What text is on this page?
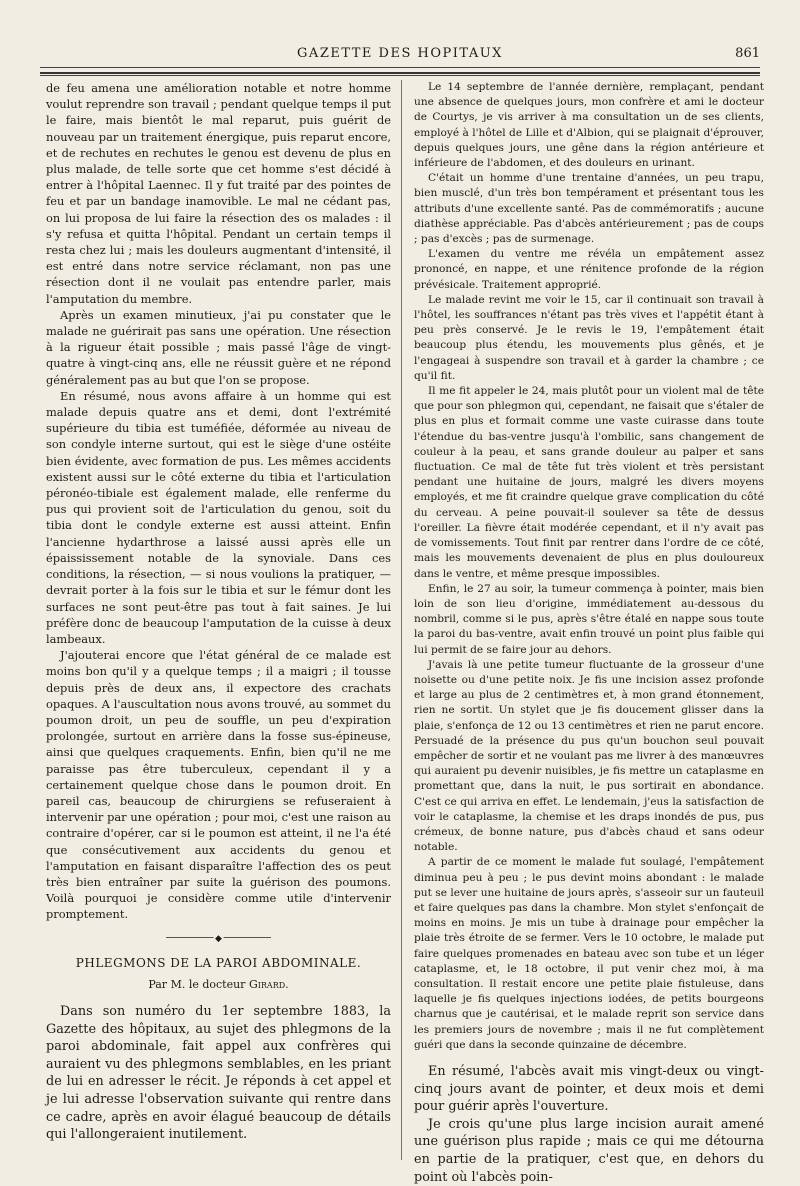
GAZETTE DES HOPITAUX	861

de feu amena une amélioration notable et notre homme voulut reprendre son travail ; pendant quelque temps il put le faire, mais bientôt le mal reparut, puis guérit de nouveau par un traitement énergique, puis reparut encore, et de rechutes en rechutes le genou est devenu de plus en plus malade, de telle sorte que cet homme s'est décidé à entrer à l'hôpital Laennec. Il y fut traité par des pointes de feu et par un bandage inamovible. Le mal ne cédant pas, on lui proposa de lui faire la résection des os malades : il s'y refusa et quitta l'hôpital. Pendant un certain temps il resta chez lui ; mais les douleurs augmentant d'intensité, il est entré dans notre service réclamant, non pas une résection dont il ne voulait pas entendre parler, mais l'amputation du membre.

Après un examen minutieux, j'ai pu constater que le malade ne guérirait pas sans une opération. Une résection à la rigueur était possible ; mais passé l'âge de vingt-quatre à vingt-cinq ans, elle ne réussit guère et ne répond généralement pas au but que l'on se propose.

En résumé, nous avons affaire à un homme qui est malade depuis quatre ans et demi, dont l'extrémité supérieure du tibia est tuméfiée, déformée au niveau de son condyle interne surtout, qui est le siège d'une ostéite bien évidente, avec formation de pus. Les mêmes accidents existent aussi sur le côté externe du tibia et l'articulation péronéo-tibiale est également malade, elle renferme du pus qui provient soit de l'articulation du genou, soit du tibia dont le condyle externe est aussi atteint. Enfin l'ancienne hydarthrose a laissé aussi après elle un épaississement notable de la synoviale. Dans ces conditions, la résection, — si nous voulions la pratiquer, — devrait porter à la fois sur le tibia et sur le fémur dont les surfaces ne sont peut-être pas tout à fait saines. Je lui préfère donc de beaucoup l'amputation de la cuisse à deux lambeaux.

J'ajouterai encore que l'état général de ce malade est moins bon qu'il y a quelque temps ; il a maigri ; il tousse depuis près de deux ans, il expectore des crachats opaques. A l'auscultation nous avons trouvé, au sommet du poumon droit, un peu de souffle, un peu d'expiration prolongée, surtout en arrière dans la fosse sus-épineuse, ainsi que quelques craquements. Enfin, bien qu'il ne me paraisse pas être tuberculeux, cependant il y a certainement quelque chose dans le poumon droit. En pareil cas, beaucoup de chirurgiens se refuseraient à intervenir par une opération ; pour moi, c'est une raison au contraire d'opérer, car si le poumon est atteint, il ne l'a été que consécutivement aux accidents du genou et l'amputation en faisant disparaître l'affection des os peut très bien entraîner par suite la guérison des poumons. Voilà pourquoi je considère comme utile d'intervenir promptement.

◆
PHLEGMONS DE LA PAROI ABDOMINALE.
Par M. le docteur Girard.

Dans son numéro du 1er septembre 1883, la Gazette des hôpitaux, au sujet des phlegmons de la paroi abdominale, fait appel aux confrères qui auraient vu des phlegmons semblables, en les priant de lui en adresser le récit. Je réponds à cet appel et je lui adresse l'observation suivante qui rentre dans ce cadre, après en avoir élagué beaucoup de détails qui l'allongeraient inutilement.

Le 14 septembre de l'année dernière, remplaçant, pendant une absence de quelques jours, mon confrère et ami le docteur de Courtys, je vis arriver à ma consultation un de ses clients, employé à l'hôtel de Lille et d'Albion, qui se plaignait d'éprouver, depuis quelques jours, une gêne dans la région antérieure et inférieure de l'abdomen, et des douleurs en urinant.

C'était un homme d'une trentaine d'années, un peu trapu, bien musclé, d'un très bon tempérament et présentant tous les attributs d'une excellente santé. Pas de commémoratifs ; aucune diathèse appréciable. Pas d'abcès antérieurement ; pas de coups ; pas d'excès ; pas de surmenage.

L'examen du ventre me révéla un empâtement assez prononcé, en nappe, et une rénitence profonde de la région prévésicale. Traitement approprié.

Le malade revint me voir le 15, car il continuait son travail à l'hôtel, les souffrances n'étant pas très vives et l'appétit étant à peu près conservé. Je le revis le 19, l'empâtement était beaucoup plus étendu, les mouvements plus gênés, et je l'engageai à suspendre son travail et à garder la chambre ; ce qu'il fit.

Il me fit appeler le 24, mais plutôt pour un violent mal de tête que pour son phlegmon qui, cependant, ne faisait que s'étaler de plus en plus et formait comme une vaste cuirasse dans toute l'étendue du bas-ventre jusqu'à l'ombilic, sans changement de couleur à la peau, et sans grande douleur au palper et sans fluctuation. Ce mal de tête fut très violent et très persistant pendant une huitaine de jours, malgré les divers moyens employés, et me fit craindre quelque grave complication du côté du cerveau. A peine pouvait-il soulever sa tête de dessus l'oreiller. La fièvre était modérée cependant, et il n'y avait pas de vomissements. Tout finit par rentrer dans l'ordre de ce côté, mais les mouvements devenaient de plus en plus douloureux dans le ventre, et même presque impossibles.

Enfin, le 27 au soir, la tumeur commença à pointer, mais bien loin de son lieu d'origine, immédiatement au-dessous du nombril, comme si le pus, après s'être étalé en nappe sous toute la paroi du bas-ventre, avait enfin trouvé un point plus faible qui lui permit de se faire jour au dehors.

J'avais là une petite tumeur fluctuante de la grosseur d'une noisette ou d'une petite noix. Je fis une incision assez profonde et large au plus de 2 centimètres et, à mon grand étonnement, rien ne sortit. Un stylet que je fis doucement glisser dans la plaie, s'enfonça de 12 ou 13 centimètres et rien ne parut encore. Persuadé de la présence du pus qu'un bouchon seul pouvait empêcher de sortir et ne voulant pas me livrer à des manœuvres qui auraient pu devenir nuisibles, je fis mettre un cataplasme en promettant que, dans la nuit, le pus sortirait en abondance. C'est ce qui arriva en effet. Le lendemain, j'eus la satisfaction de voir le cataplasme, la chemise et les draps inondés de pus, pus crémeux, de bonne nature, pus d'abcès chaud et sans odeur notable.

A partir de ce moment le malade fut soulagé, l'empâtement diminua peu à peu ; le pus devint moins abondant : le malade put se lever une huitaine de jours après, s'asseoir sur un fauteuil et faire quelques pas dans la chambre. Mon stylet s'enfonçait de moins en moins. Je mis un tube à drainage pour empêcher la plaie très étroite de se fermer. Vers le 10 octobre, le malade put faire quelques promenades en bateau avec son tube et un léger cataplasme, et, le 18 octobre, il put venir chez moi, à ma consultation. Il restait encore une petite plaie fistuleuse, dans laquelle je fis quelques injections iodées, de petits bourgeons charnus que je cautérisai, et le malade reprit son service dans les premiers jours de novembre ; mais il ne fut complètement guéri que dans la seconde quinzaine de décembre.

En résumé, l'abcès avait mis vingt-deux ou vingt-cinq jours avant de pointer, et deux mois et demi pour guérir après l'ouverture.

Je crois qu'une plus large incision aurait amené une guérison plus rapide ; mais ce qui me détourna en partie de la pratiquer, c'est que, en dehors du point où l'abcès poin-
